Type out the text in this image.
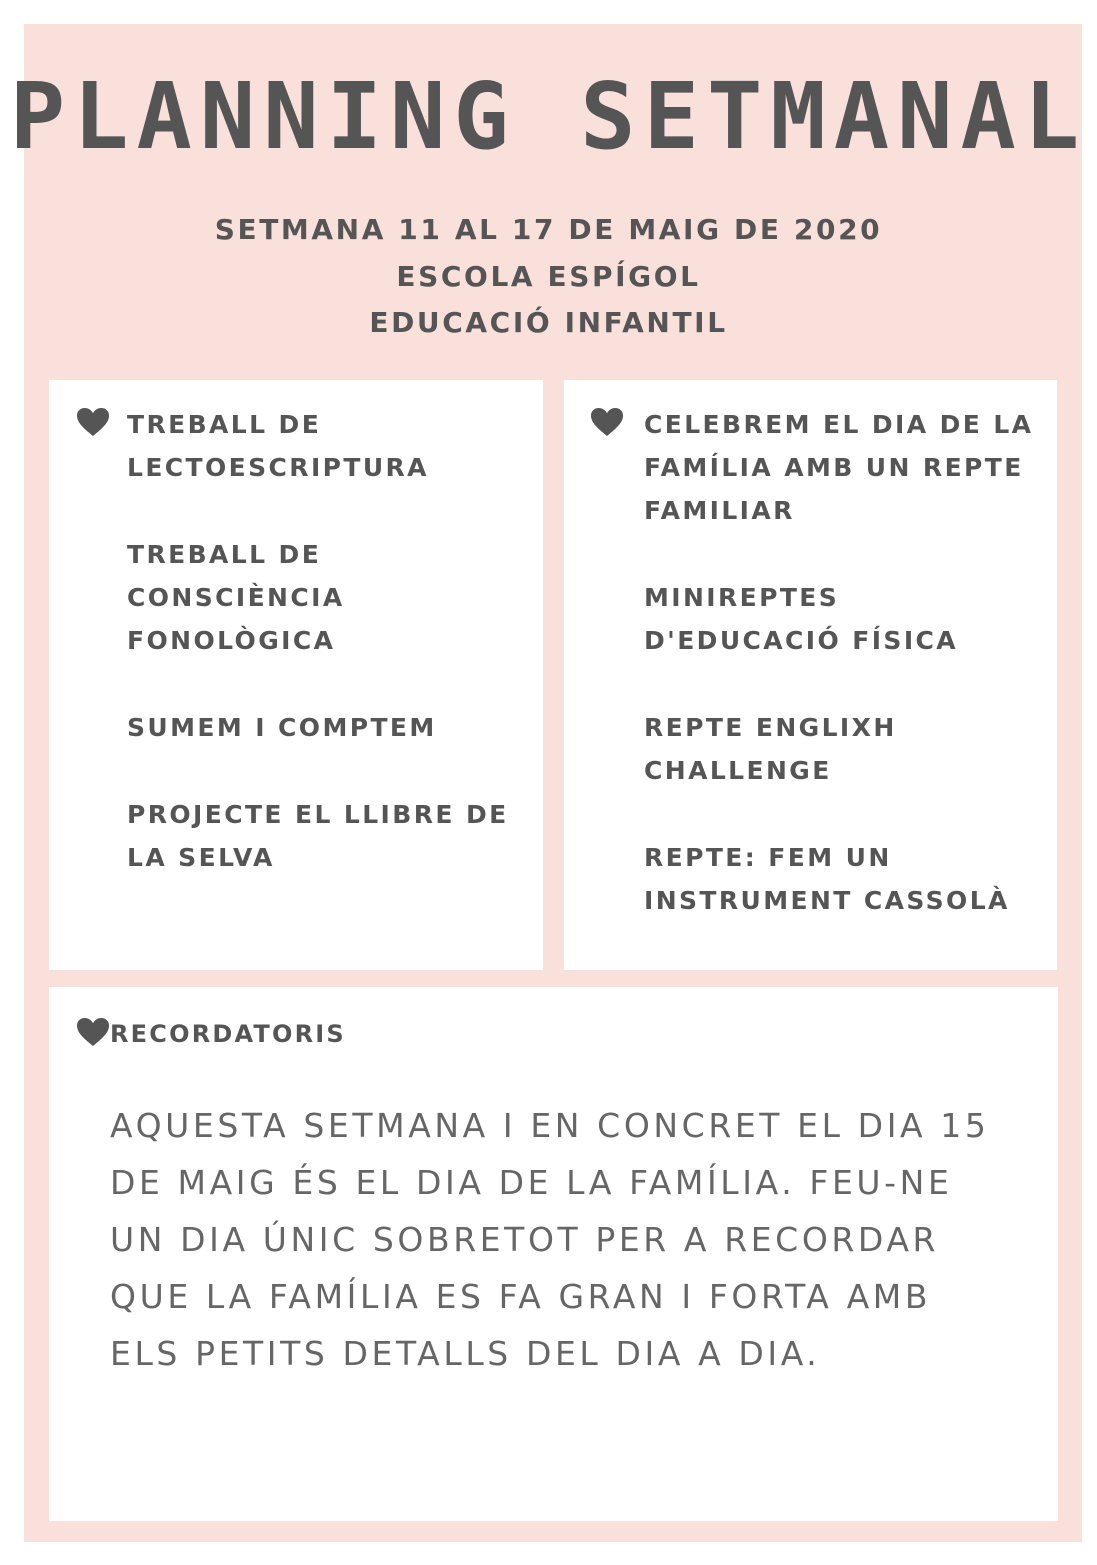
PLANNING SETMANAL
SETMANA 11 AL 17 DE MAIG DE 2020
ESCOLA ESPÍGOL
EDUCACIÓ INFANTIL
TREBALL DE
LECTOESCRIPTURA
TREBALL DE
CONSCIÈNCIA
FONOLÒGICA
SUMEM I COMPTEM
PROJECTE EL LLIBRE DE
LA SELVA
CELEBREM EL DIA DE LA
FAMÍLIA AMB UN REPTE
FAMILIAR
MINIREPTES
D'EDUCACIÓ FÍSICA
REPTE ENGLIXH
CHALLENGE
REPTE: FEM UN
INSTRUMENT CASSOLÀ
RECORDATORIS
AQUESTA SETMANA I EN CONCRET EL DIA 15 DE MAIG ÉS EL DIA DE LA FAMÍLIA. FEU-NE UN DIA ÚNIC SOBRETOT PER A RECORDAR QUE LA FAMÍLIA ES FA GRAN I FORTA AMB ELS PETITS DETALLS DEL DIA A DIA.
